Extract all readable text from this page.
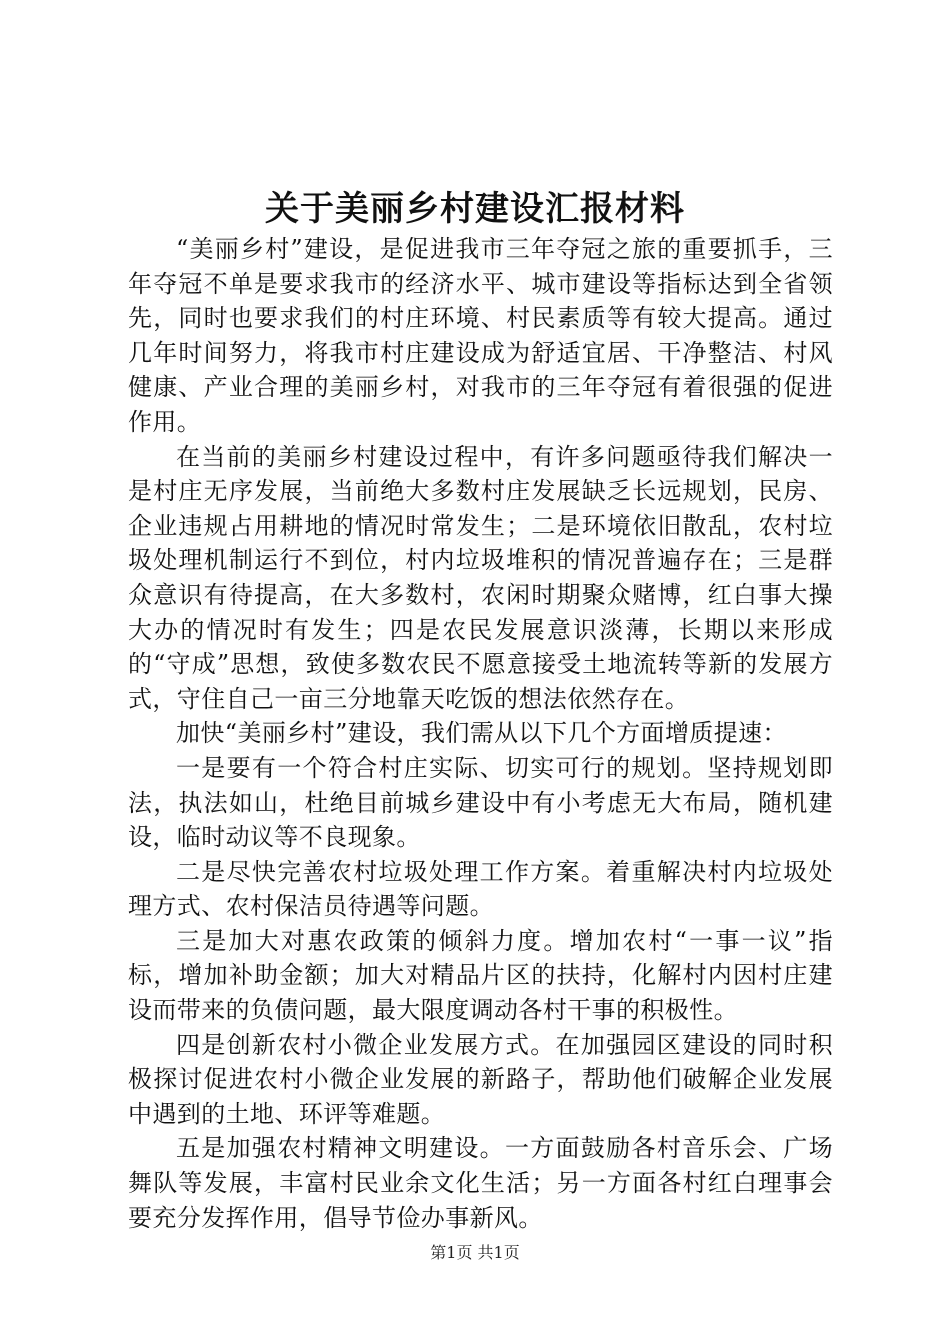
关于美丽乡村建设汇报材料

“美丽乡村”建设，是促进我市三年夺冠之旅的重要抓手，三年夺冠不单是要求我市的经济水平、城市建设等指标达到全省领先，同时也要求我们的村庄环境、村民素质等有较大提高。通过几年时间努力，将我市村庄建设成为舒适宜居、干净整洁、村风健康、产业合理的美丽乡村，对我市的三年夺冠有着很强的促进作用。

在当前的美丽乡村建设过程中，有许多问题亟待我们解决一是村庄无序发展，当前绝大多数村庄发展缺乏长远规划，民房、企业违规占用耕地的情况时常发生；二是环境依旧散乱，农村垃圾处理机制运行不到位，村内垃圾堆积的情况普遍存在；三是群众意识有待提高，在大多数村，农闲时期聚众赌博，红白事大操大办的情况时有发生；四是农民发展意识淡薄，长期以来形成的“守成”思想，致使多数农民不愿意接受土地流转等新的发展方式，守住自己一亩三分地靠天吃饭的想法依然存在。

加快“美丽乡村”建设，我们需从以下几个方面增质提速：

一是要有一个符合村庄实际、切实可行的规划。坚持规划即法，执法如山，杜绝目前城乡建设中有小考虑无大布局，随机建设，临时动议等不良现象。

二是尽快完善农村垃圾处理工作方案。着重解决村内垃圾处理方式、农村保洁员待遇等问题。

三是加大对惠农政策的倾斜力度。增加农村“一事一议”指标，增加补助金额；加大对精品片区的扶持，化解村内因村庄建设而带来的负债问题，最大限度调动各村干事的积极性。

四是创新农村小微企业发展方式。在加强园区建设的同时积极探讨促进农村小微企业发展的新路子，帮助他们破解企业发展中遇到的土地、环评等难题。

五是加强农村精神文明建设。一方面鼓励各村音乐会、广场舞队等发展，丰富村民业余文化生活；另一方面各村红白理事会要充分发挥作用，倡导节俭办事新风。

第1页 共1页
